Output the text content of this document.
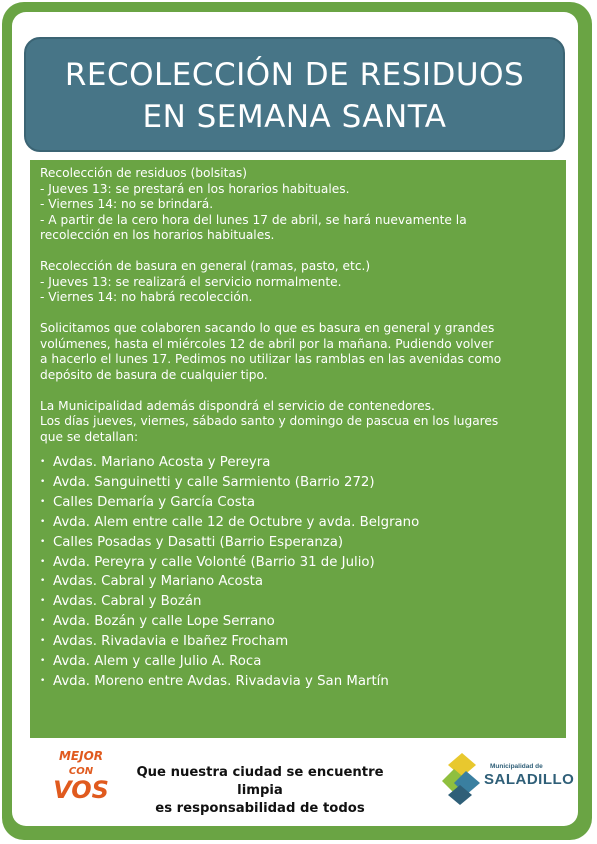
RECOLECCIÓN DE RESIDUOS
EN SEMANA SANTA
Recolección de residuos (bolsitas)
- Jueves 13: se prestará en los horarios habituales.
- Viernes 14: no se brindará.
- A partir de la cero hora del lunes 17 de abril, se hará nuevamente la
recolección en los horarios habituales.
Recolección de basura en general (ramas, pasto, etc.)
- Jueves 13: se realizará el servicio normalmente.
- Viernes 14: no habrá recolección.
Solicitamos que colaboren sacando lo que es basura en general y grandes
volúmenes, hasta el miércoles 12 de abril por la mañana. Pudiendo volver
a hacerlo el lunes 17. Pedimos no utilizar las ramblas en las avenidas como
depósito de basura de cualquier tipo.
La Municipalidad además dispondrá el servicio de contenedores.
Los días jueves, viernes, sábado santo y domingo de pascua en los lugares
que se detallan:
• Avdas. Mariano Acosta y Pereyra
• Avda. Sanguinetti y calle Sarmiento (Barrio 272)
• Calles Demaría y García Costa
• Avda. Alem entre calle 12 de Octubre y avda. Belgrano
• Calles Posadas y Dasatti (Barrio Esperanza)
• Avda. Pereyra y calle Volonté (Barrio 31 de Julio)
• Avdas. Cabral y Mariano Acosta
• Avdas. Cabral y Bozán
• Avda. Bozán y calle Lope Serrano
• Avdas. Rivadavia e Ibañez Frocham
• Avda. Alem y calle Julio A. Roca
• Avda. Moreno entre Avdas. Rivadavia y San Martín
MEJOR
CON
VOS
Que nuestra ciudad se encuentre limpia
es responsabilidad de todos
Municipalidad de
SALADILLO
